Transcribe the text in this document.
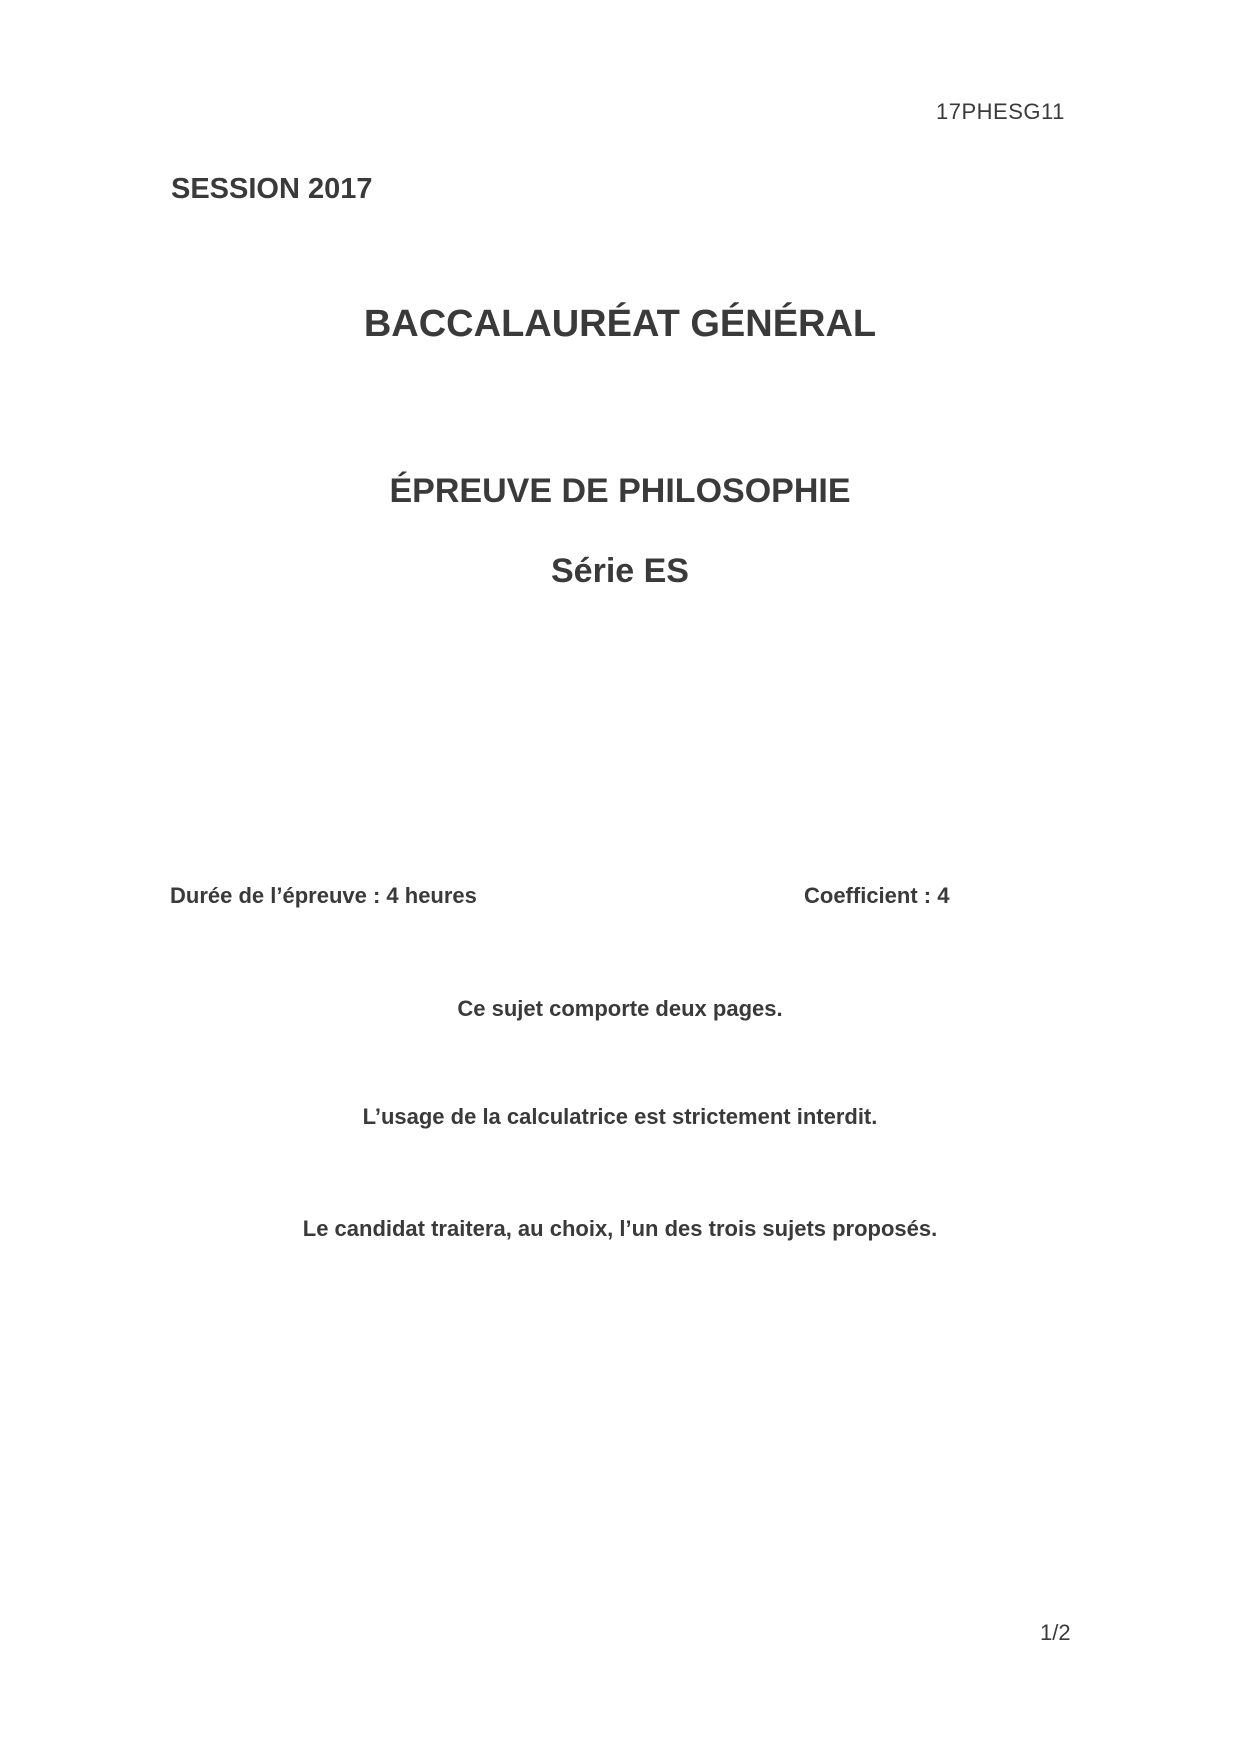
17PHESG11
SESSION 2017
BACCALAURÉAT GÉNÉRAL
ÉPREUVE DE PHILOSOPHIE
Série ES
Durée de l’épreuve : 4 heures	Coefficient : 4
Ce sujet comporte deux pages.
L’usage de la calculatrice est strictement interdit.
Le candidat traitera, au choix, l’un des trois sujets proposés.
1/2
